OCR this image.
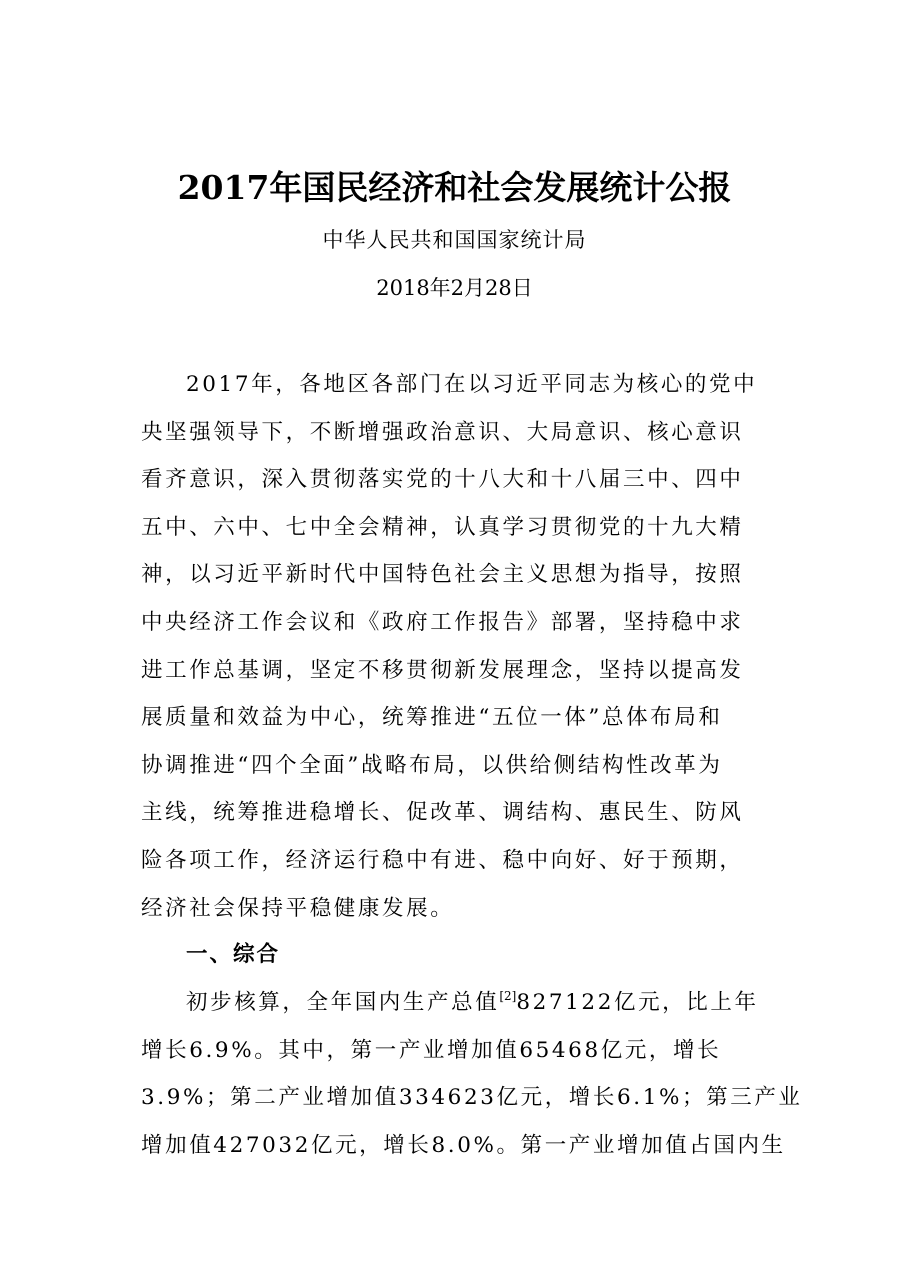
2017年国民经济和社会发展统计公报
中华人民共和国国家统计局
2018年2月28日
2017年，各地区各部门在以习近平同志为核心的党中
央坚强领导下，不断增强政治意识、大局意识、核心意识
看齐意识，深入贯彻落实党的十八大和十八届三中、四中
五中、六中、七中全会精神，认真学习贯彻党的十九大精
神，以习近平新时代中国特色社会主义思想为指导，按照
中央经济工作会议和《政府工作报告》部署，坚持稳中求
进工作总基调，坚定不移贯彻新发展理念，坚持以提高发
展质量和效益为中心，统筹推进“五位一体”总体布局和
协调推进“四个全面”战略布局，以供给侧结构性改革为
主线，统筹推进稳增长、促改革、调结构、惠民生、防风
险各项工作，经济运行稳中有进、稳中向好、好于预期，
经济社会保持平稳健康发展。
一、综合
初步核算，全年国内生产总值[2]827122亿元，比上年
增长6.9%。其中，第一产业增加值65468亿元，增长
3.9%；第二产业增加值334623亿元，增长6.1%；第三产业
增加值427032亿元，增长8.0%。第一产业增加值占国内生
